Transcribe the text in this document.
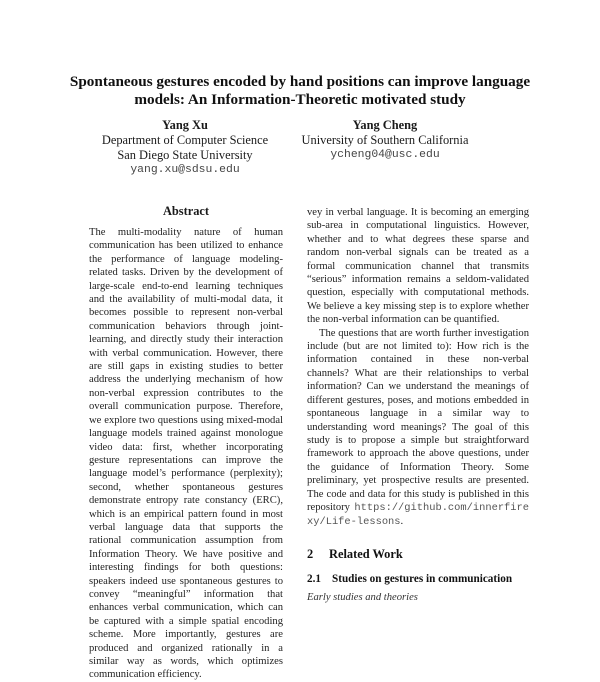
Spontaneous gestures encoded by hand positions can improve language
models: An Information-Theoretic motivated study
Yang Xu
Department of Computer Science
San Diego State University
yang.xu@sdsu.edu
Yang Cheng
University of Southern California
ycheng04@usc.edu
Abstract

The multi-modality nature of human communication has been utilized to enhance the performance of language modeling-related tasks. Driven by the development of large-scale end-to-end learning techniques and the availability of multi-modal data, it becomes possible to represent non-verbal communication behaviors through joint-learning, and directly study their interaction with verbal communication. However, there are still gaps in existing studies to better address the underlying mechanism of how non-verbal expression contributes to the overall communication purpose. Therefore, we explore two questions using mixed-modal language models trained against monologue video data: first, whether incorporating gesture representations can improve the language model’s performance (perplexity); second, whether spontaneous gestures demonstrate entropy rate constancy (ERC), which is an empirical pattern found in most verbal language data that supports the rational communication assumption from Information Theory. We have positive and interesting findings for both questions: speakers indeed use spontaneous gestures to convey “meaningful” information that enhances verbal communication, which can be captured with a simple spatial encoding scheme. More importantly, gestures are produced and organized rationally in a similar way as words, which optimizes communication efficiency.

vey in verbal language. It is becoming an emerging sub-area in computational linguistics. However, whether and to what degrees these sparse and random non-verbal signals can be treated as a formal communication channel that transmits “serious” information remains a seldom-validated question, especially with computational methods. We believe a key missing step is to explore whether the non-verbal information can be quantified.

The questions that are worth further investigation include (but are not limited to): How rich is the information contained in these non-verbal channels? What are their relationships to verbal information? Can we understand the meanings of different gestures, poses, and motions embedded in spontaneous language in a similar way to understanding word meanings? The goal of this study is to propose a simple but straightforward framework to approach the above questions, under the guidance of Information Theory. Some preliminary, yet prospective results are presented. The code and data for this study is published in this repository https://github.com/innerfirexy/Life-lessons.

2 Related Work
2.1 Studies on gestures in communication
Early studies and theories
